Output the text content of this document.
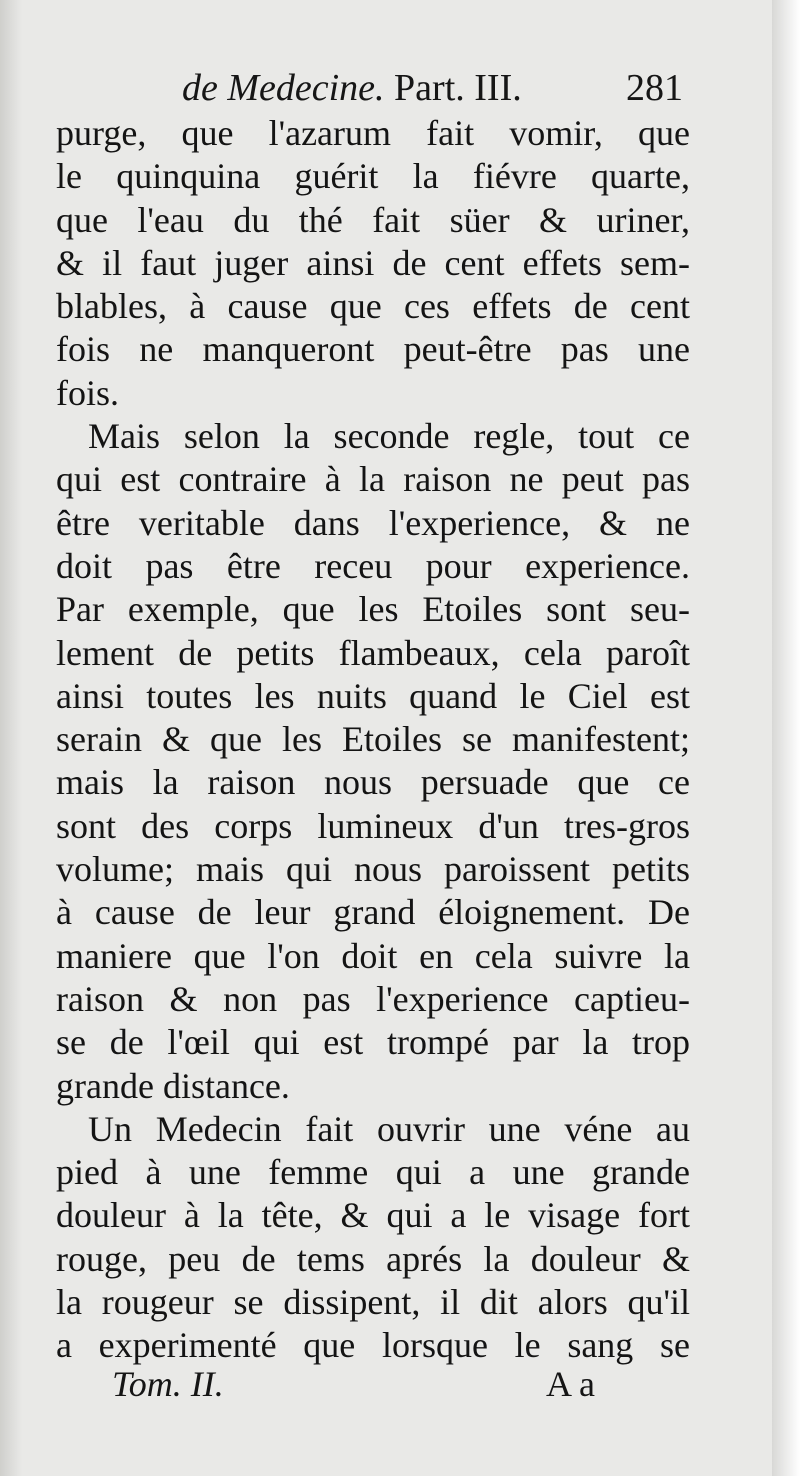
de Medecine. Part. III.	281
purge, que l'azarum fait vomir, que
le quinquina guérit la fiévre quarte,
que l'eau du thé fait süer & uriner,
& il faut juger ainsi de cent effets sem-
blables, à cause que ces effets de cent
fois ne manqueront peut-être pas une
fois.
Mais selon la seconde regle, tout ce
qui est contraire à la raison ne peut pas
être veritable dans l'experience, & ne
doit pas être receu pour experience.
Par exemple, que les Etoiles sont seu-
lement de petits flambeaux, cela paroît
ainsi toutes les nuits quand le Ciel est
serain & que les Etoiles se manifestent;
mais la raison nous persuade que ce
sont des corps lumineux d'un tres-gros
volume; mais qui nous paroissent petits
à cause de leur grand éloignement. De
maniere que l'on doit en cela suivre la
raison & non pas l'experience captieu-
se de l'œil qui est trompé par la trop
grande distance.
Un Medecin fait ouvrir une véne au
pied à une femme qui a une grande
douleur à la tête, & qui a le visage fort
rouge, peu de tems aprés la douleur &
la rougeur se dissipent, il dit alors qu'il
a experimenté que lorsque le sang se
Tom. II.	A a
